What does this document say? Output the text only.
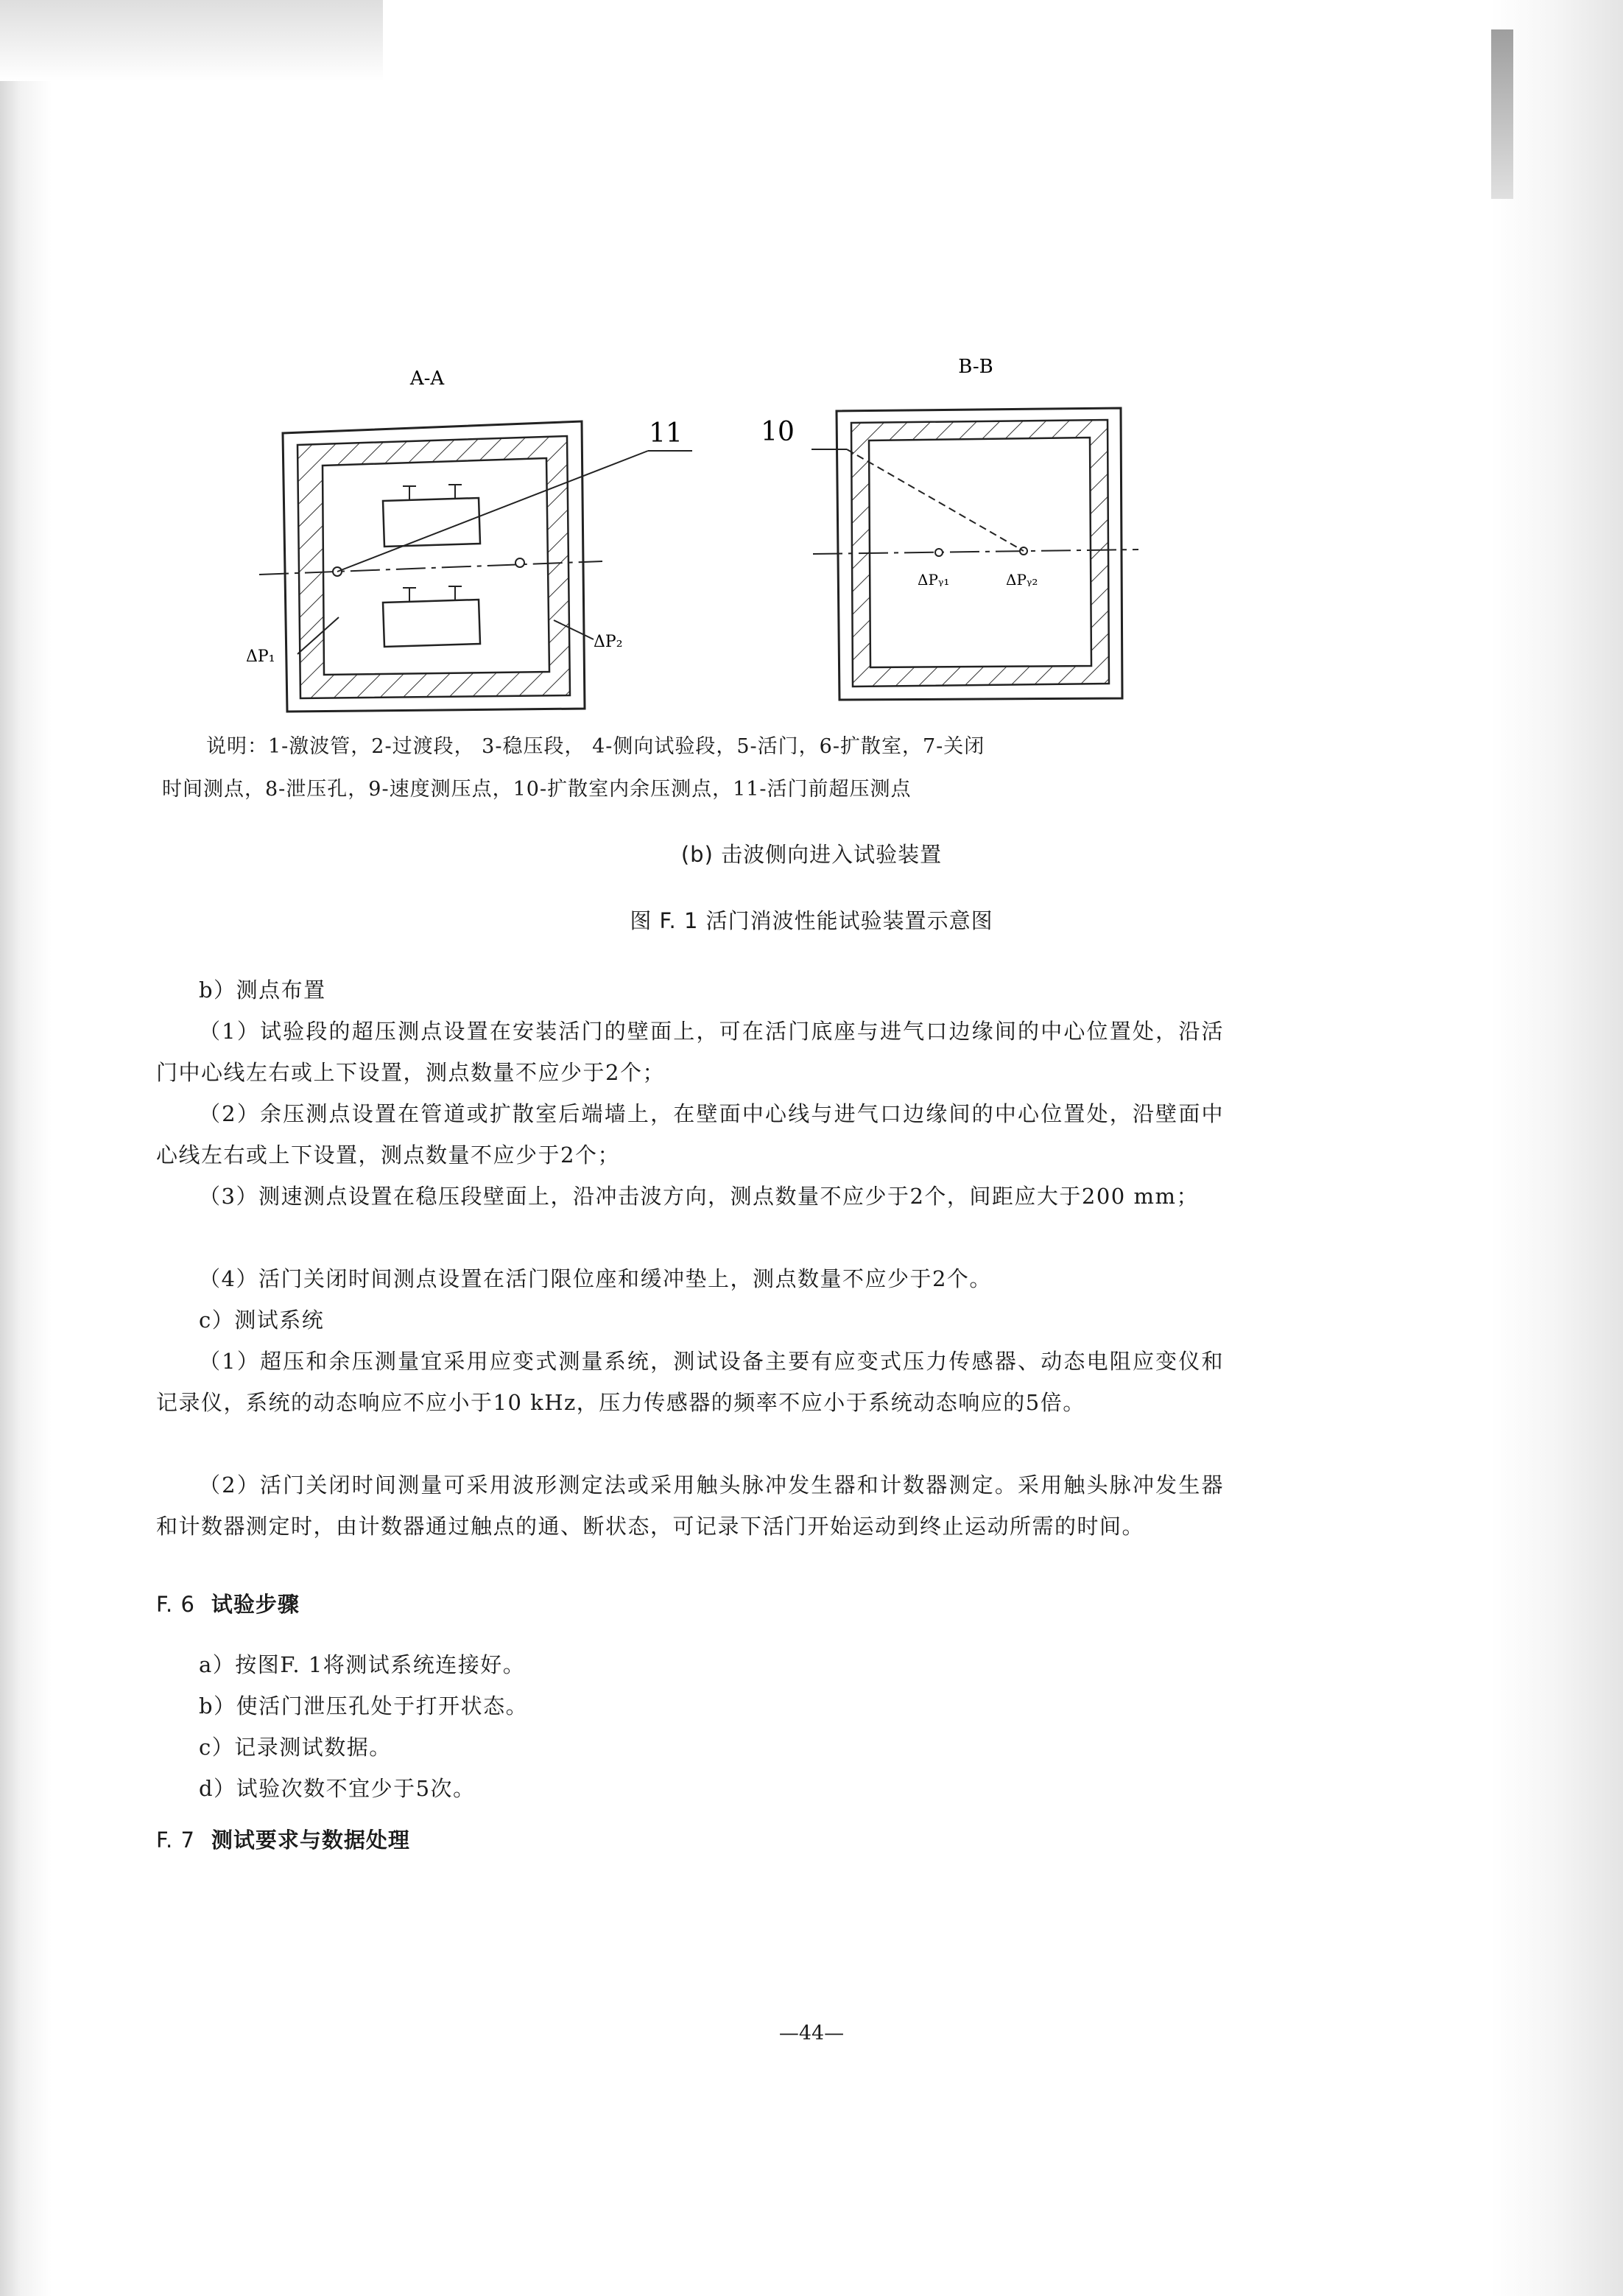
A-A
11
ΔP₁
ΔP₂
B-B
10
ΔPᵧ₁	ΔPᵧ₂
说明：1-激波管，2-过渡段， 3-稳压段， 4-侧向试验段，5-活门，6-扩散室，7-关闭
时间测点，8-泄压孔，9-速度测压点，10-扩散室内余压测点，11-活门前超压测点
(b) 击波侧向进入试验装置
图 F. 1 活门消波性能试验装置示意图

b）测点布置

（1）试验段的超压测点设置在安装活门的壁面上，可在活门底座与进气口边缘间的中心位置处，沿活门中心线左右或上下设置，测点数量不应少于2个；

（2）余压测点设置在管道或扩散室后端墙上，在壁面中心线与进气口边缘间的中心位置处，沿壁面中心线左右或上下设置，测点数量不应少于2个；

（3）测速测点设置在稳压段壁面上，沿冲击波方向，测点数量不应少于2个，间距应大于200 mm；

（4）活门关闭时间测点设置在活门限位座和缓冲垫上，测点数量不应少于2个。

c）测试系统

（1）超压和余压测量宜采用应变式测量系统，测试设备主要有应变式压力传感器、动态电阻应变仪和记录仪，系统的动态响应不应小于10 kHz，压力传感器的频率不应小于系统动态响应的5倍。

（2）活门关闭时间测量可采用波形测定法或采用触头脉冲发生器和计数器测定。采用触头脉冲发生器和计数器测定时，由计数器通过触点的通、断状态，可记录下活门开始运动到终止运动所需的时间。

F. 6 试验步骤
a）按图F. 1将测试系统连接好。
b）使活门泄压孔处于打开状态。
c）记录测试数据。
d）试验次数不宜少于5次。
F. 7 测试要求与数据处理
—44—
